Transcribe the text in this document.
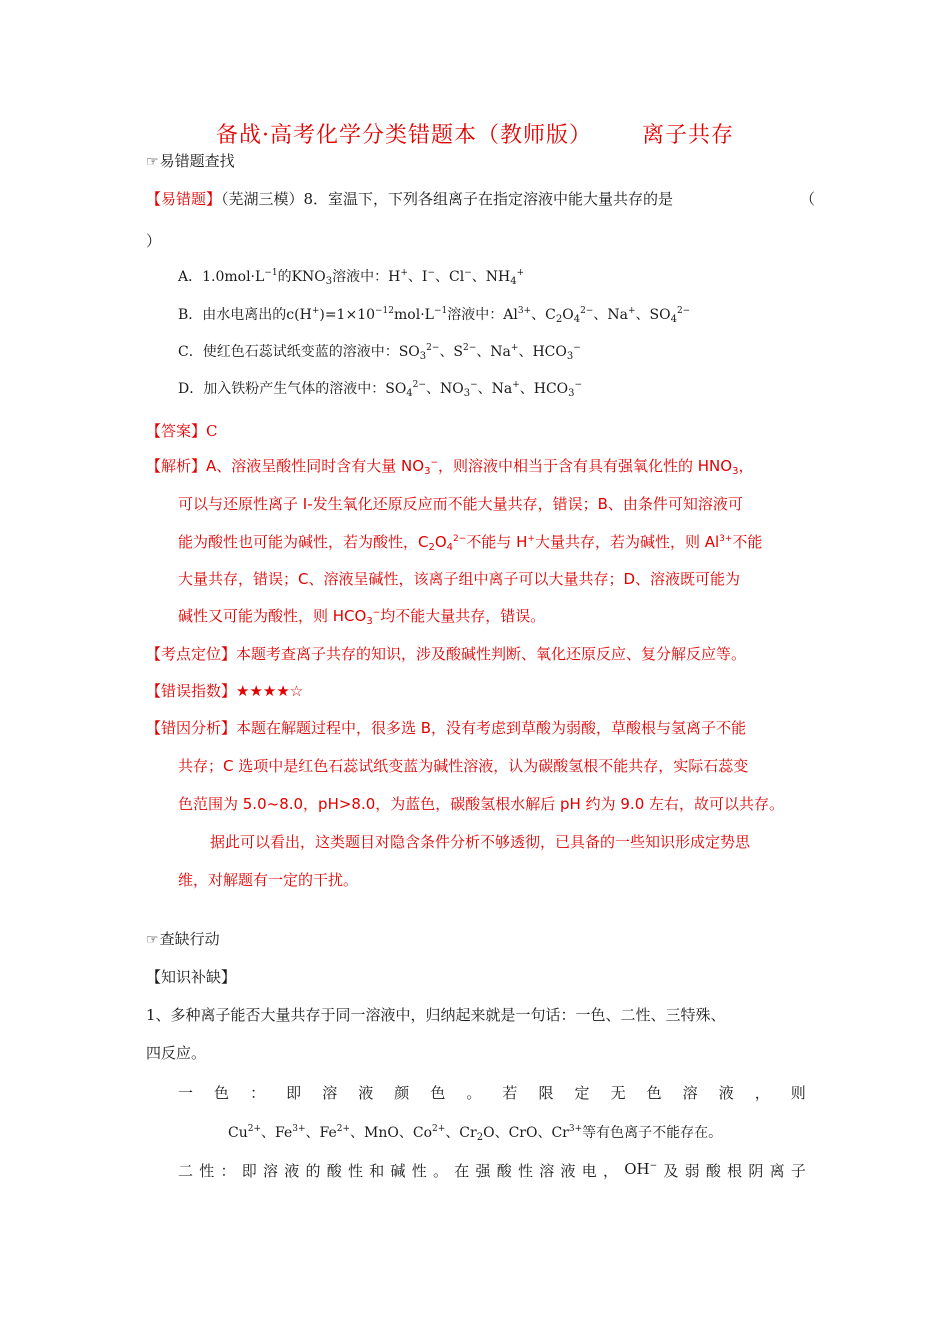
备战·高考化学分类错题本（教师版） 离子共存
☞易错题查找
【易错题】（芜湖三模）8．室温下，下列各组离子在指定溶液中能大量共存的是	（
）
A．$1.0mol\cdot L^{-1}$的$KNO_3$溶液中：H+、I−、Cl−、$NH_4^+$
B．由水电离出的$c(H^+)=1\times 10^{-12}mol\cdot L^{-1}$溶液中：$Al^{3+}$、$C_2O_4^{2-}$、Na+、$SO_4^{2-}$
C．使红色石蕊试纸变蓝的溶液中：$SO_3^{2-}$、$S^{2-}$、Na+、$HCO_3^-$
D．加入铁粉产生气体的溶液中：$SO_4^{2-}$、$NO_3^-$、Na+、$HCO_3^-$
【答案】C
【解析】A、溶液呈酸性同时含有大量 $NO_3^-$，则溶液中相当于含有具有强氧化性的 $HNO_3$，
可以与还原性离子 I-发生氧化还原反应而不能大量共存，错误；B、由条件可知溶液可
能为酸性也可能为碱性，若为酸性，$C_2O_4^{2-}$不能与 H+大量共存，若为碱性，则 $Al^{3+}$不能
大量共存，错误；C、溶液呈碱性，该离子组中离子可以大量共存；D、溶液既可能为
碱性又可能为酸性，则 $HCO_3^-$均不能大量共存，错误。
【考点定位】本题考查离子共存的知识，涉及酸碱性判断、氧化还原反应、复分解反应等。
【错误指数】★★★★☆
【错因分析】本题在解题过程中，很多选 B，没有考虑到草酸为弱酸，草酸根与氢离子不能
共存；C 选项中是红色石蕊试纸变蓝为碱性溶液，认为碳酸氢根不能共存，实际石蕊变
色范围为 5.0~8.0，pH>8.0，为蓝色，碳酸氢根水解后 pH 约为 9.0 左右，故可以共存。
据此可以看出，这类题目对隐含条件分析不够透彻，已具备的一些知识形成定势思
维，对解题有一定的干扰。
☞查缺行动
【知识补缺】
1、多种离子能否大量共存于同一溶液中，归纳起来就是一句话：一色、二性、三特殊、
四反应。
一 色 ： 即 溶 液 颜 色 。 若 限 定 无 色 溶 液 ， 则
$Cu^{2+}$、$Fe^{3+}$、$Fe^{2+}$、MnO、$Co^{2+}$、$Cr_2O$、CrO、$Cr^{3+}$等有色离子不能存在。
二 性 ： 即 溶 液 的 酸 性 和 碱 性 。 在 强 酸 性 溶 液 电 ， OH− 及 弱 酸 根 阴 离 子
